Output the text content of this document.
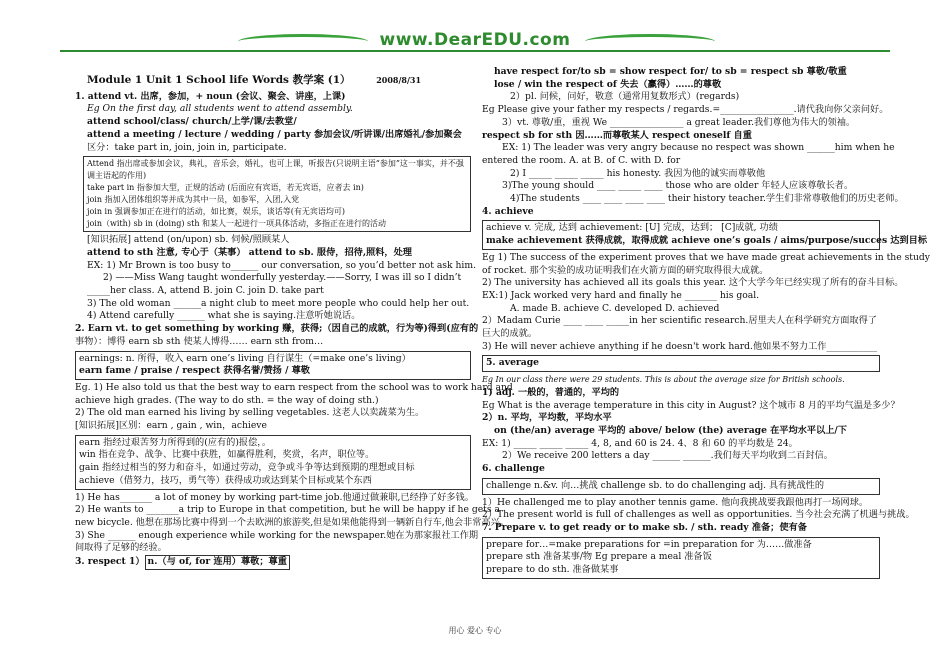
www.DearEDU.com
Module 1 Unit 1 School life Words 教学案 (1）	2008/8/31
1. attend vt. 出席，参加，+ noun (会议、聚会、讲座，上课)
Eg On the first day, all students went to attend assembly.
attend school/class/ church/上学/课/去教堂/
attend a meeting / lecture / wedding / party 参加会议/听讲课/出席婚礼/参加聚会
区分：take part in, join, join in, participate.
Attend 指出席或参加会议，典礼，音乐会，婚礼，也可上课，听报告(只说明主语“参加”这一事实，并不强调主语起的作用)
take part in 指参加大型，正规的活动 (后面应有宾语，若无宾语，应者去 in)
join 指加入团体组织等并成为其中一员，如参军，入团,入党
join in 强调参加正在进行的活动，如比赛，娱乐，谈话等(有无宾语均可)
join（with) sb in (doing) sth 和某人一起进行一项具体活动，多指正在进行的活动
[知识拓展] attend (on/upon) sb. 伺候/照顾某人
attend to sth 注意, 专心于（某事） attend to sb. 服侍，招待,照料，处理
EX: 1) Mr Brown is too busy to______ our conversation, so you’d better not ask him.
2) ——Miss Wang taught wonderfully yesterday.——Sorry, I was ill so I didn’t
_____her class. A, attend B. join C. join D. take part
3) The old woman ______a night club to meet more people who could help her out.
4) Attend carefully ______ what she is saying.注意听她说话。
2. Earn vt. to get something by working 赚，获得;（因自己的成就，行为等)得到(应有的
事物）：博得 earn sb sth 使某人博得…… earn sth from…
earnings: n. 所得，收入 earn one’s living 自行谋生（=make one’s living）
earn fame / praise / respect 获得名誉/赞扬 / 尊敬
Eg. 1) He also told us that the best way to earn respect from the school was to work hard and
achieve high grades. (The way to do sth. = the way of doing sth.)
2) The old man earned his living by selling vegetables. 这老人以卖蔬菜为生。
[知识拓展]区别：earn , gain , win，achieve
earn 指经过艰苦努力所得到的(应有的)报偿，。
win 指在竞争、战争、比赛中获胜，如赢得胜利，奖赏，名声，职位等。
gain 指经过相当的努力和奋斗，如通过劳动，竞争或斗争等达到预期的理想或目标
achieve（借努力，技巧，勇气等）获得成功或达到某个目标或某个东西
1) He has_______ a lot of money by working part-time job.他通过做兼职,已经挣了好多钱。
2) He wants to _______a trip to Europe in that competition, but he will be happy if he gets a
new bicycle. 他想在那场比赛中得到一个去欧洲的旅游奖,但是如果他能得到一辆新自行车,他会非常高兴。
3) She ______ enough experience while working for the newspaper.她在为那家报社工作期
间取得了足够的经验。
3. respect 1） n.（与 of, for 连用）尊敬；尊重
have respect for/to sb = show respect for/ to sb = respect sb 尊敬/敬重
lose / win the respect of 失去（赢得）……的尊敬
2）pl. 问候，问好，敬意（通常用复数形式）(regards)
Eg Please give your father my respects / regards.=________________.请代我向你父亲问好。
3）vt. 尊敬/重，重视 We ________________ a great leader.我们尊他为伟大的领袖。
respect sb for sth 因……而尊敬某人 respect oneself 自重
EX: 1) The leader was very angry because no respect was shown ______him when he
entered the room. A. at B. of C. with D. for
2) I _____ _____ _____ his honesty. 我因为他的诚实而尊敬他
3)The young should ____ _____ ____ those who are older 年轻人应该尊敬长者。
4)The students ____ ____ ____ ____ their history teacher.学生们非常尊敬他们的历史老师。
4. achieve
achieve v. 完成, 达到 achievement: [U] 完成，达到； [C]成就, 功绩
make achievement 获得成就，取得成就 achieve one’s goals / aims/purpose/succes 达到目标
Eg 1) The success of the experiment proves that we have made great achievements in the study
of rocket. 那个实验的成功证明我们在火箭方面的研究取得很大成就。
2) The university has achieved all its goals this year. 这个大学今年已经实现了所有的奋斗目标。
EX:1) Jack worked very hard and finally he _______ his goal.
A. made B. achieve C. developed D. achieved
2）Madam Curie ____ ____ _____in her scientific research.居里夫人在科学研究方面取得了
巨大的成就。
3) He will never achieve anything if he doesn't work hard.他如果不努力工作___________
5. average
Eg In our class there were 29 students. This is about the average size for British schools.
1) adj. 一般的，普通的，平均的
Eg What is the average temperature in this city in August? 这个城市 8 月的平均气温是多少？
2）n. 平均，平均数，平均水平
on (the/an) average 平均的 above/ below (the) average 在平均水平以上/下
EX: 1) _____ _____ _____ 4, 8, and 60 is 24. 4、8 和 60 的平均数是 24。
2）We receive 200 letters a day ______ ______.我们每天平均收到二百封信。
6. challenge
challenge n.&v. 向…挑战 challenge sb. to do challenging adj. 具有挑战性的
1）He challenged me to play another tennis game. 他向我挑战要我跟他再打一场网球。
2）The present world is full of challenges as well as opportunities. 当今社会充满了机遇与挑战。
7. Prepare v. to get ready or to make sb. / sth. ready 准备；使有备
prepare for…=make preparations for =in preparation for 为……做准备
prepare sth 准备某事/物 Eg prepare a meal 准备饭
prepare to do sth. 准备做某事
用心 爱心 专心
